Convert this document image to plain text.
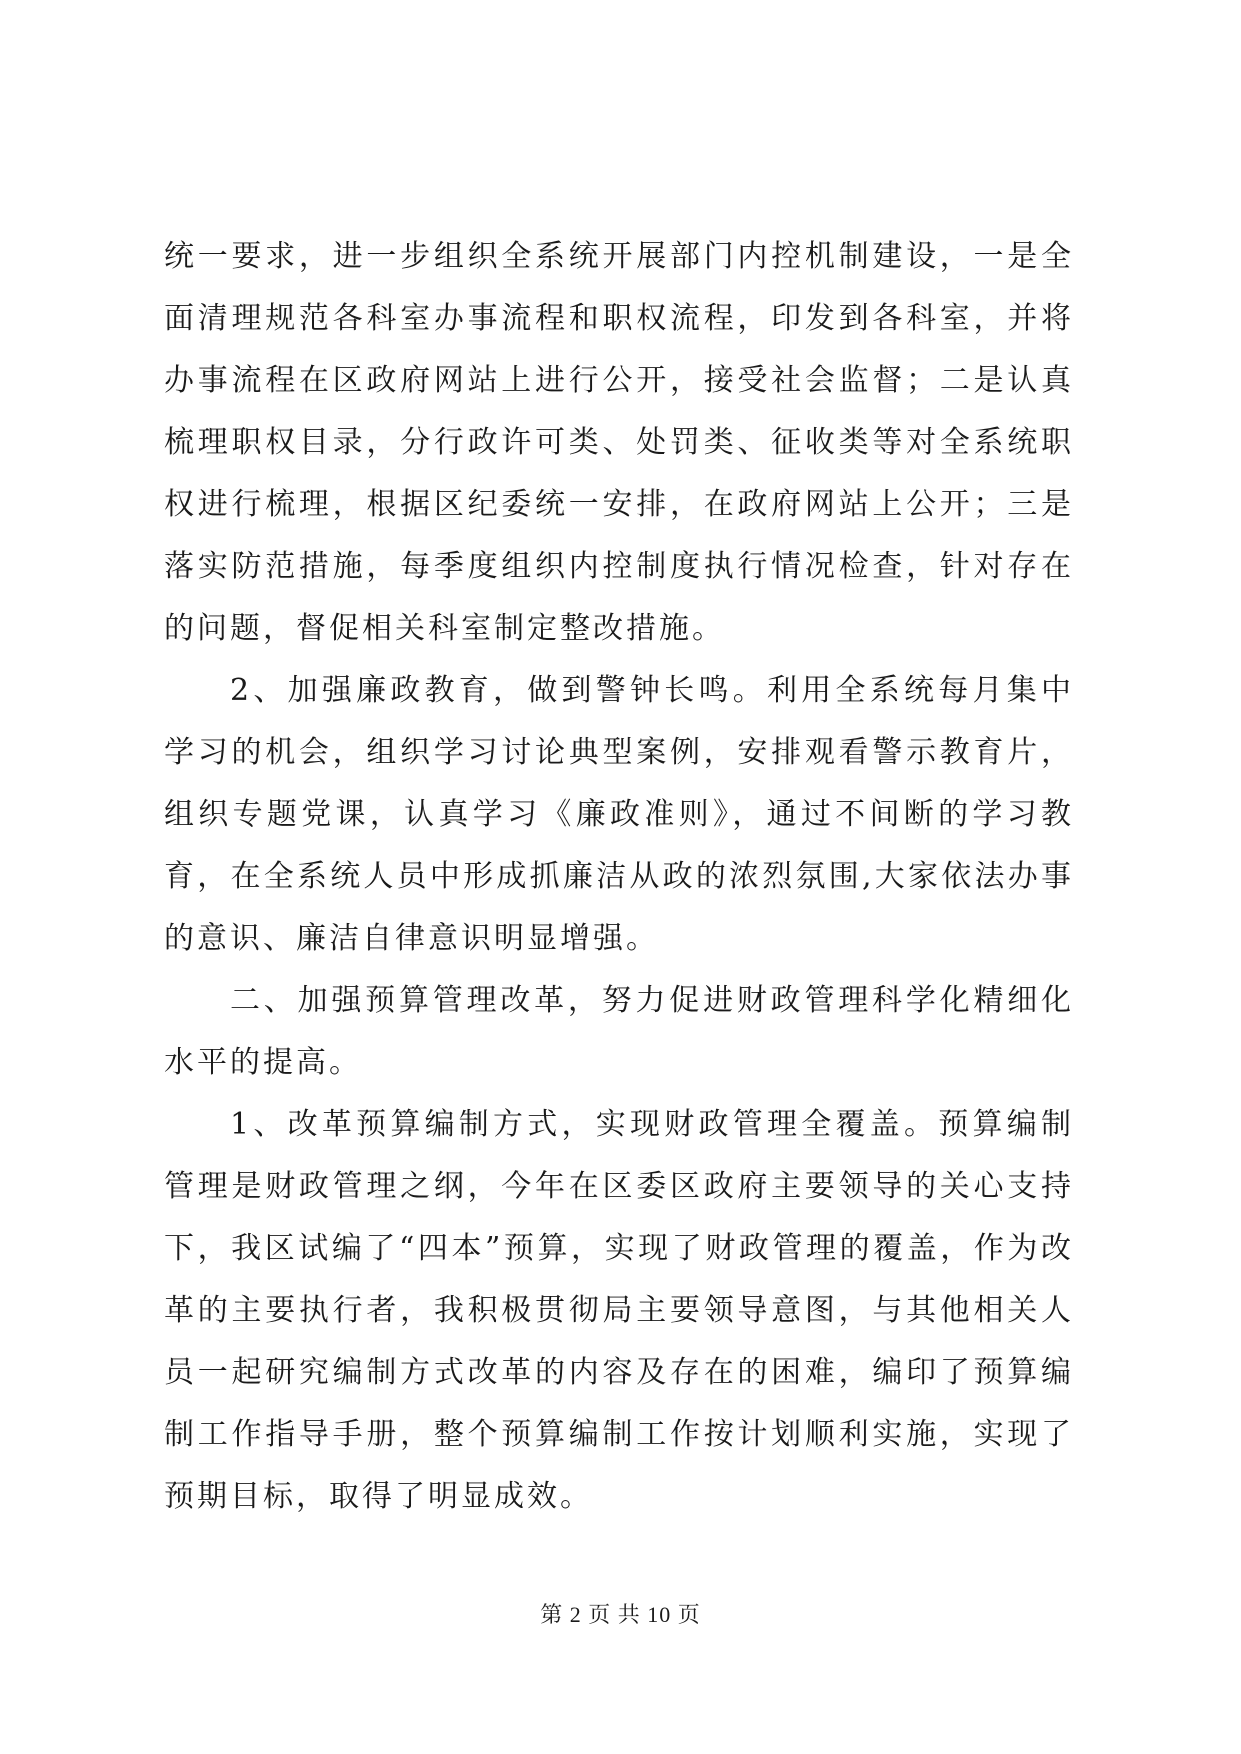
统一要求，进一步组织全系统开展部门内控机制建设，一是全面清理规范各科室办事流程和职权流程，印发到各科室，并将办事流程在区政府网站上进行公开，接受社会监督；二是认真梳理职权目录，分行政许可类、处罚类、征收类等对全系统职权进行梳理，根据区纪委统一安排，在政府网站上公开；三是落实防范措施，每季度组织内控制度执行情况检查，针对存在的问题，督促相关科室制定整改措施。

2、加强廉政教育，做到警钟长鸣。利用全系统每月集中学习的机会，组织学习讨论典型案例，安排观看警示教育片，组织专题党课，认真学习《廉政准则》，通过不间断的学习教育，在全系统人员中形成抓廉洁从政的浓烈氛围,大家依法办事的意识、廉洁自律意识明显增强。

二、加强预算管理改革，努力促进财政管理科学化精细化水平的提高。

1、改革预算编制方式，实现财政管理全覆盖。预算编制管理是财政管理之纲，今年在区委区政府主要领导的关心支持下，我区试编了“四本”预算，实现了财政管理的覆盖，作为改革的主要执行者，我积极贯彻局主要领导意图，与其他相关人员一起研究编制方式改革的内容及存在的困难，编印了预算编制工作指导手册，整个预算编制工作按计划顺利实施，实现了预期目标，取得了明显成效。

第 2 页 共 10 页
